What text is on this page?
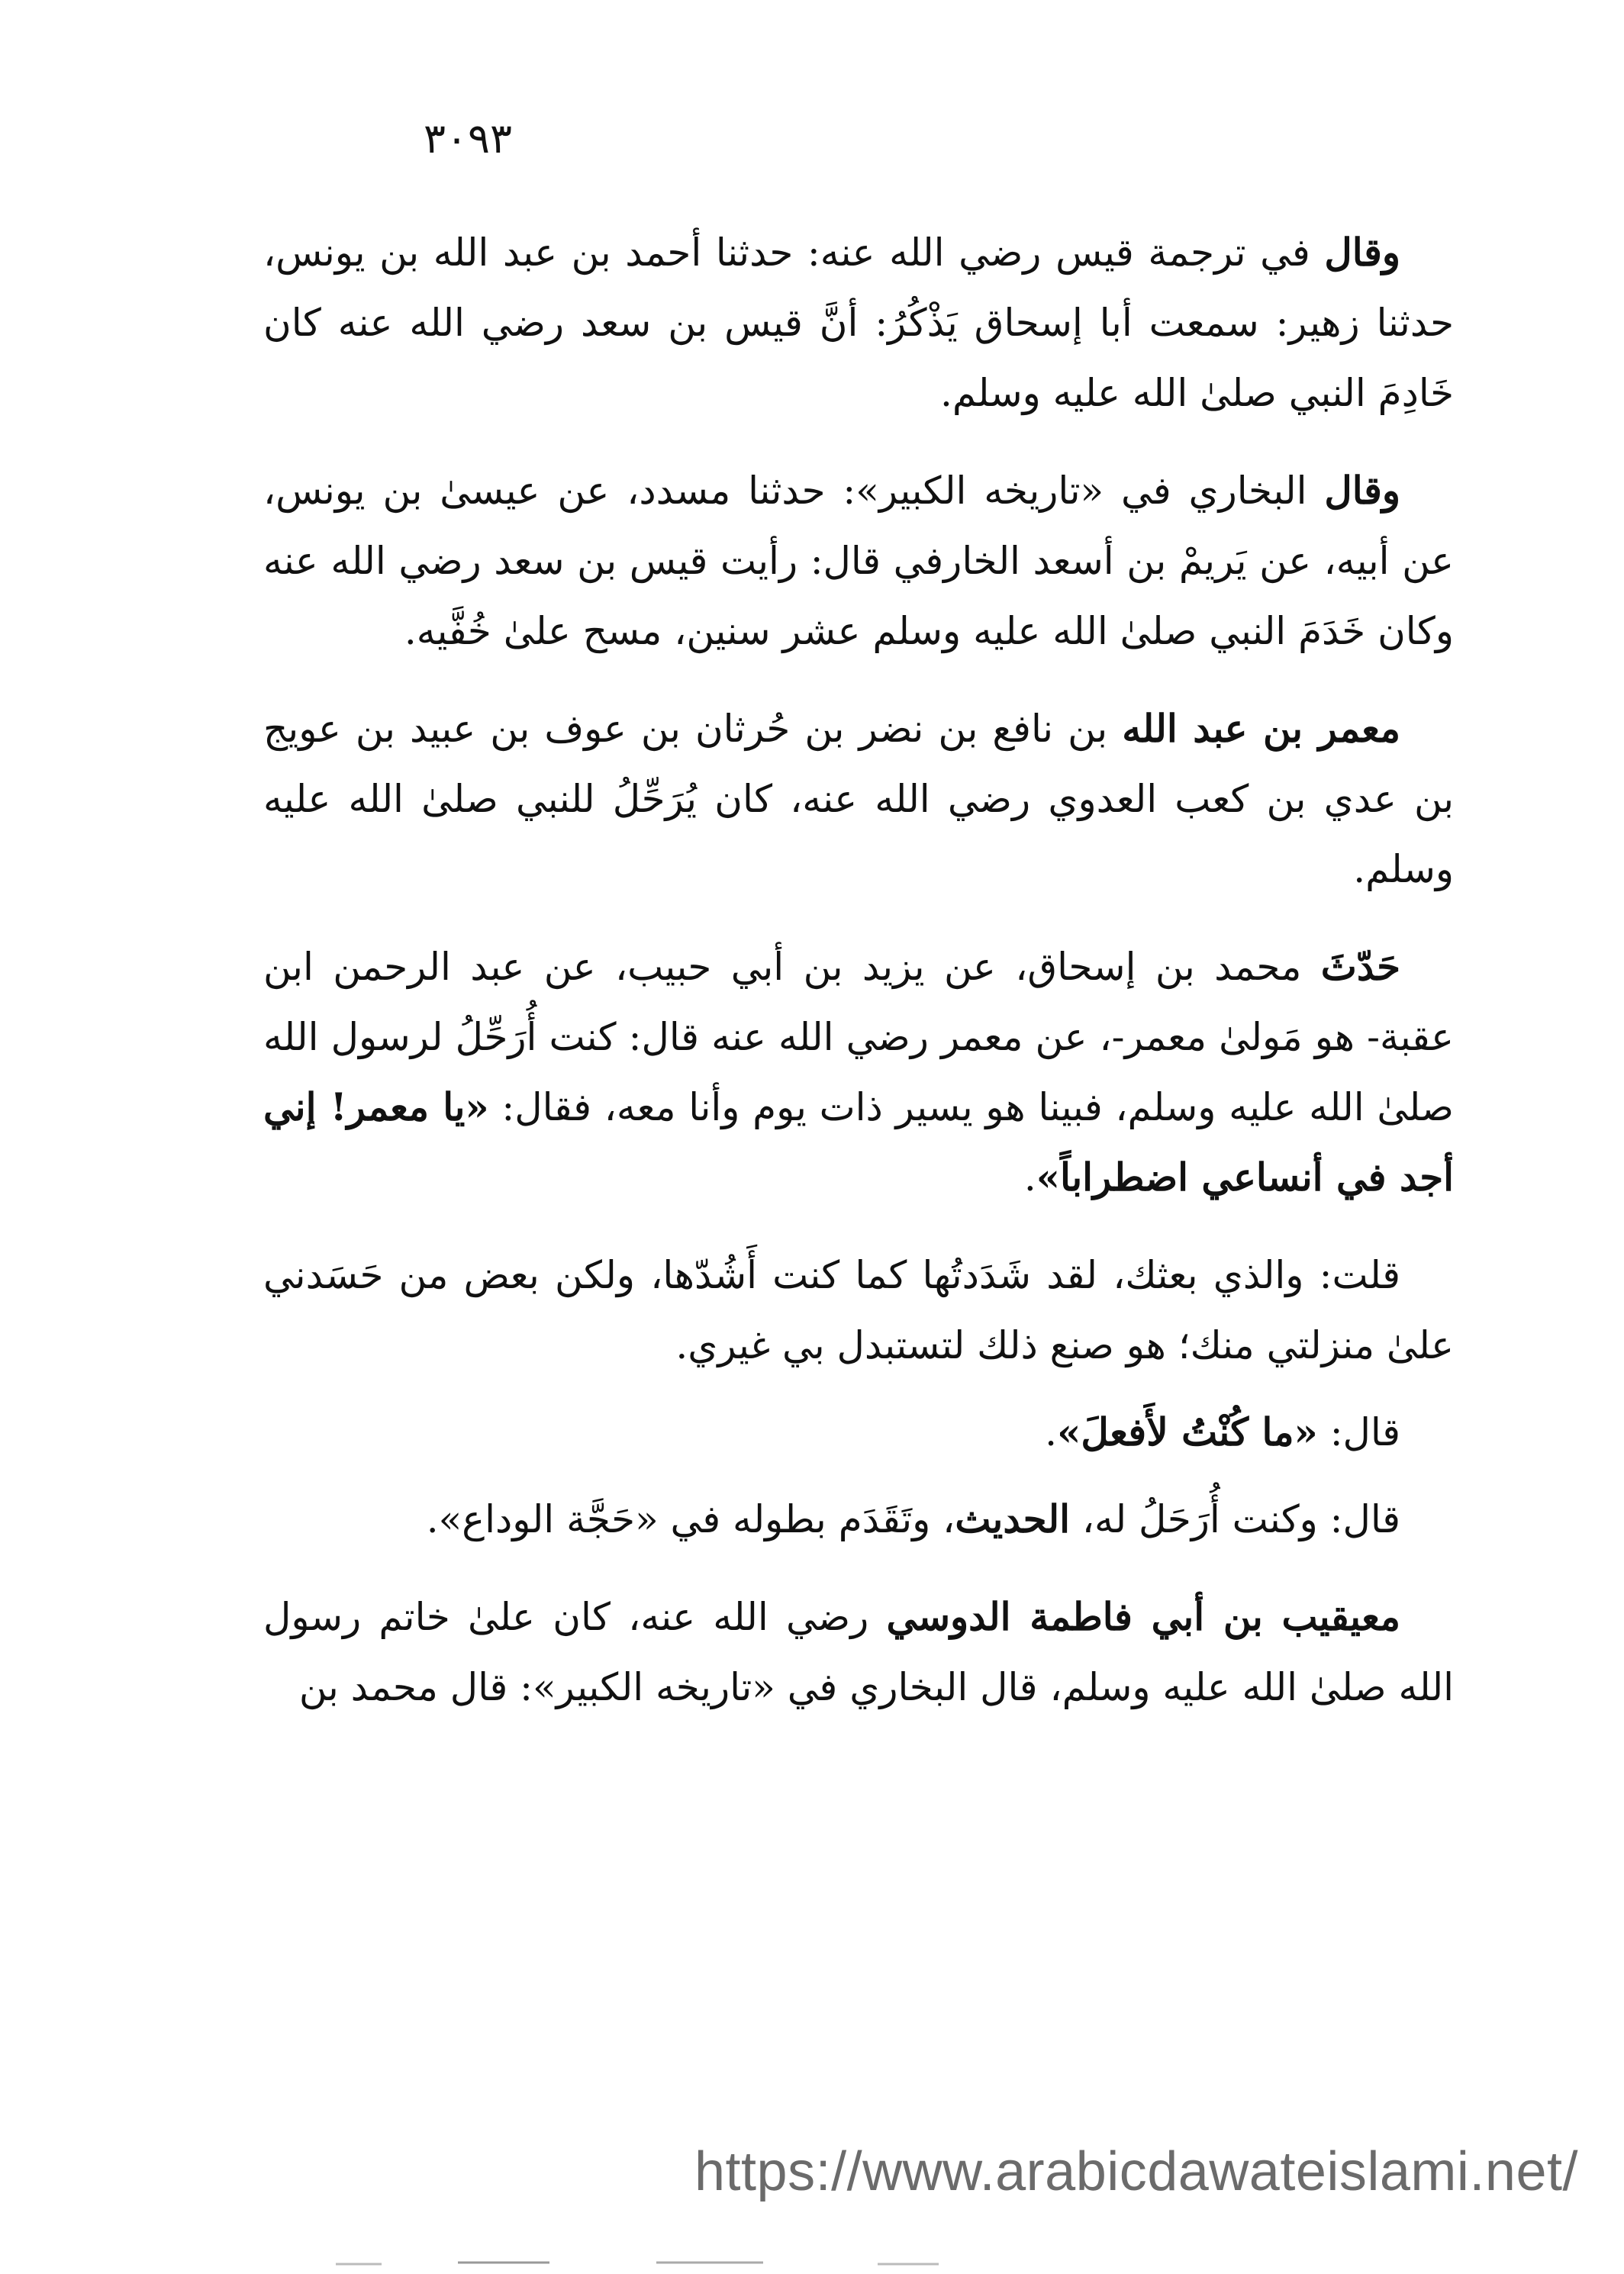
٣٠٩٣

وقال في ترجمة قيس رضي الله عنه: حدثنا أحمد بن عبد الله بن يونس، حدثنا زهير: سمعت أبا إسحاق يَذْكُرُ: أنَّ قيس بن سعد رضي الله عنه كان خَادِمَ النبي صلىٰ الله عليه وسلم.

وقال البخاري في «تاريخه الكبير»: حدثنا مسدد، عن عيسىٰ بن يونس، عن أبيه، عن يَريمْ بن أسعد الخارفي قال: رأيت قيس بن سعد رضي الله عنه وكان خَدَمَ النبي صلىٰ الله عليه وسلم عشر سنين، مسح علىٰ خُفَّيه.

معمر بن عبد الله بن نافع بن نضر بن حُرثان بن عوف بن عبيد بن عويج بن عدي بن كعب العدوي رضي الله عنه، كان يُرَحِّلُ للنبي صلىٰ الله عليه وسلم.

حَدّثَ محمد بن إسحاق، عن يزيد بن أبي حبيب، عن عبد الرحمن ابن عقبة- هو مَولىٰ معمر-، عن معمر رضي الله عنه قال: كنت أُرَحِّلُ لرسول الله صلىٰ الله عليه وسلم، فبينا هو يسير ذات يوم وأنا معه، فقال: «يا معمر! إني أجد في أنساعي اضطراباً».

قلت: والذي بعثك، لقد شَدَدتُها كما كنت أَشُدّها، ولكن بعض من حَسَدني علىٰ منزلتي منك؛ هو صنع ذلك لتستبدل بي غيري.

قال: «ما كُنْتُ لأَفعلَ».

قال: وكنت أُرَحَلُ له، الحديث، وتَقَدَم بطوله في «حَجَّة الوداع».

معيقيب بن أبي فاطمة الدوسي رضي الله عنه، كان علىٰ خاتم رسول الله صلىٰ الله عليه وسلم، قال البخاري في «تاريخه الكبير»: قال محمد بن

https://www.arabicdawateislami.net/
